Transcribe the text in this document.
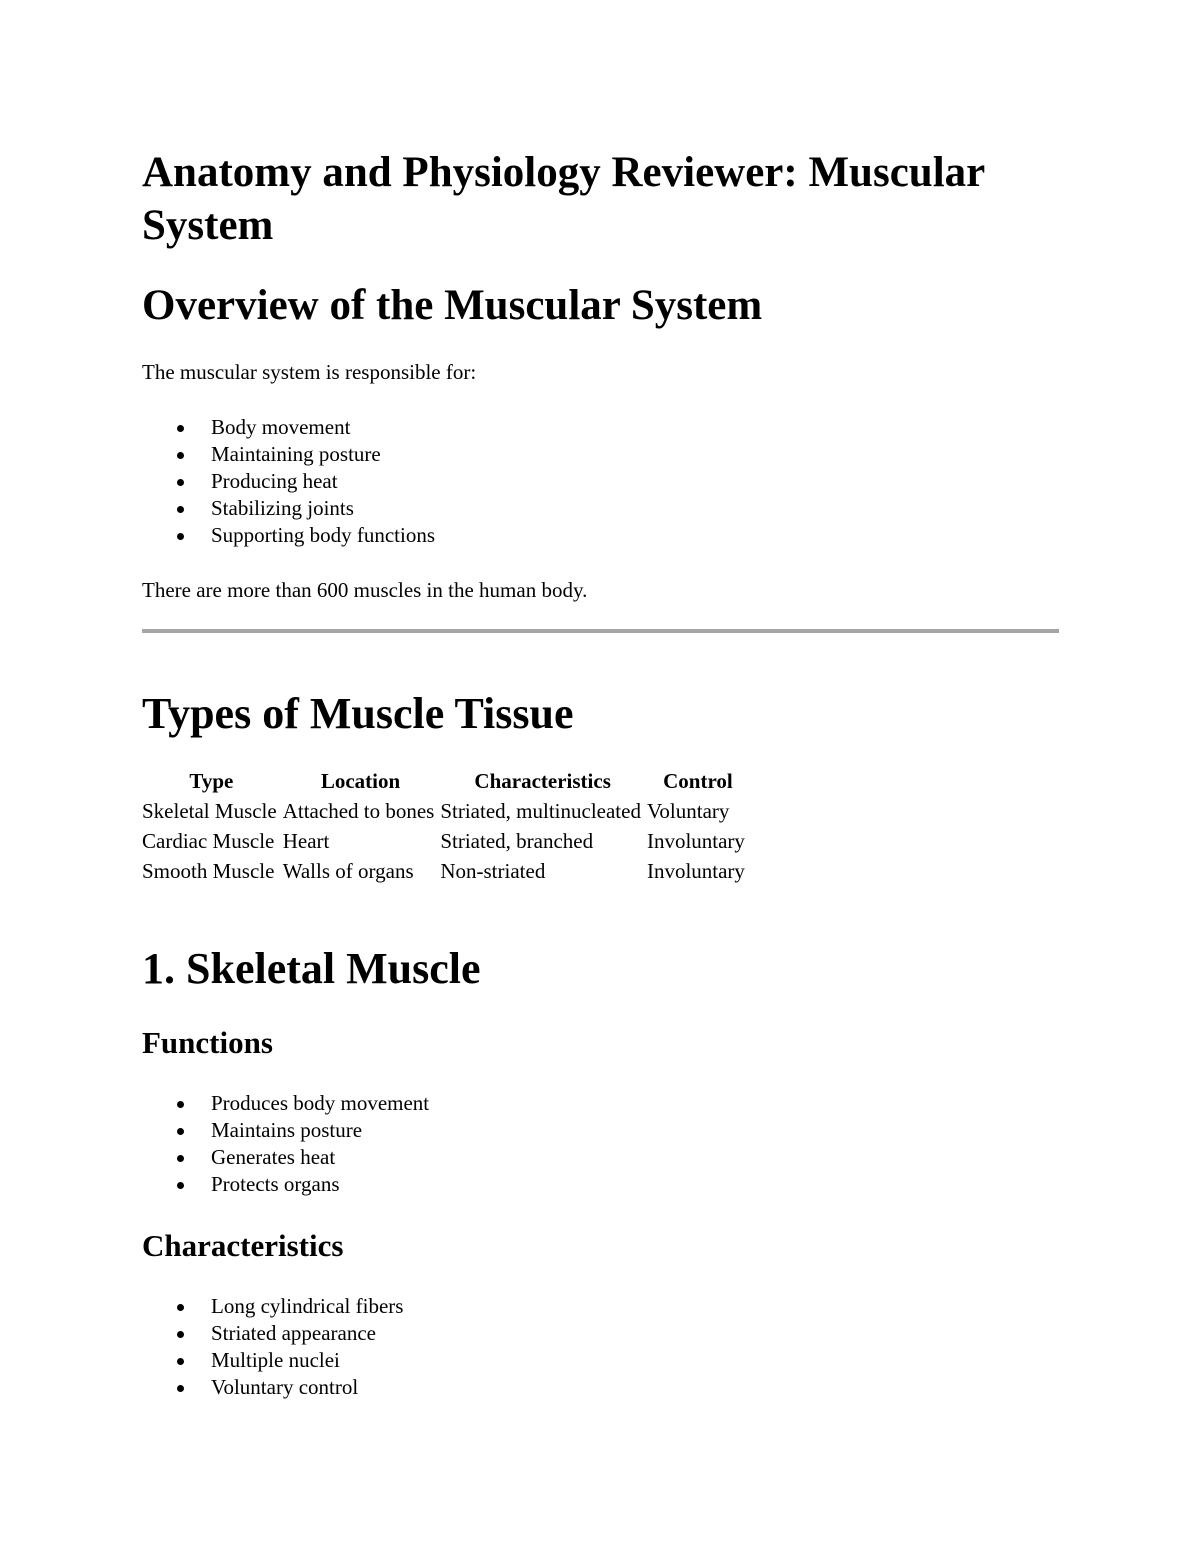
Anatomy and Physiology Reviewer: Muscular System
Overview of the Muscular System
The muscular system is responsible for:
Body movement
Maintaining posture
Producing heat
Stabilizing joints
Supporting body functions
There are more than 600 muscles in the human body.
Types of Muscle Tissue
Type	Location	Characteristics	Control
Skeletal Muscle	Attached to bones	Striated, multinucleated	Voluntary
Cardiac Muscle	Heart	Striated, branched	Involuntary
Smooth Muscle	Walls of organs	Non-striated	Involuntary
1. Skeletal Muscle
Functions
Produces body movement
Maintains posture
Generates heat
Protects organs
Characteristics
Long cylindrical fibers
Striated appearance
Multiple nuclei
Voluntary control
